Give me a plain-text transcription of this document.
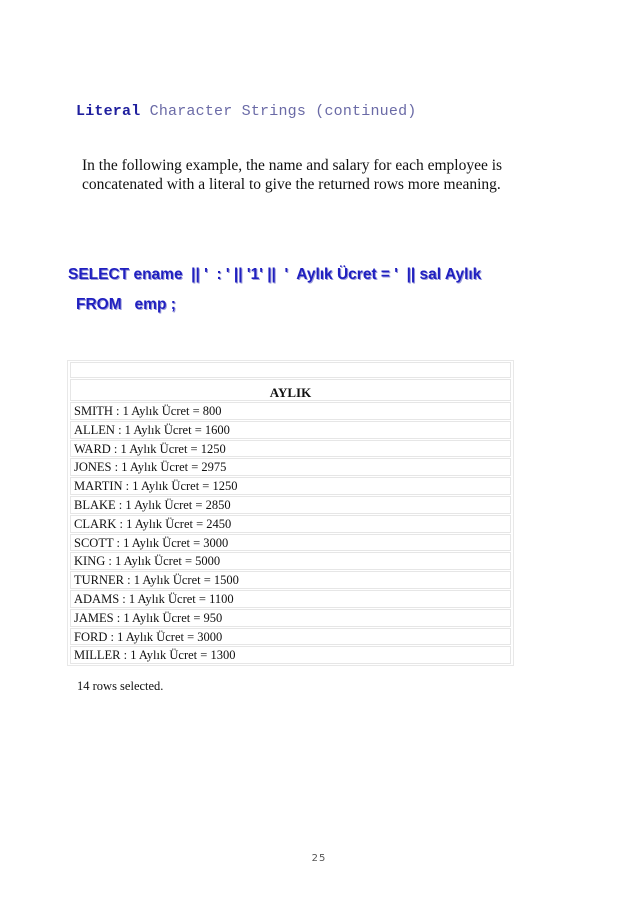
Literal Character Strings (continued)
In the following example, the name and salary for each employee is concatenated with a literal to give the returned rows more meaning.
SELECT ename  || '  : ' || '1' ||  '  Aylık Ücret = '  || sal Aylık
FROM   emp ;
AYLIK
SMITH : 1 Aylık Ücret = 800
ALLEN : 1 Aylık Ücret = 1600
WARD : 1 Aylık Ücret = 1250
JONES : 1 Aylık Ücret = 2975
MARTIN : 1 Aylık Ücret = 1250
BLAKE : 1 Aylık Ücret = 2850
CLARK : 1 Aylık Ücret = 2450
SCOTT : 1 Aylık Ücret = 3000
KING : 1 Aylık Ücret = 5000
TURNER : 1 Aylık Ücret = 1500
ADAMS : 1 Aylık Ücret = 1100
JAMES : 1 Aylık Ücret = 950
FORD : 1 Aylık Ücret = 3000
MILLER : 1 Aylık Ücret = 1300
14 rows selected.
25
